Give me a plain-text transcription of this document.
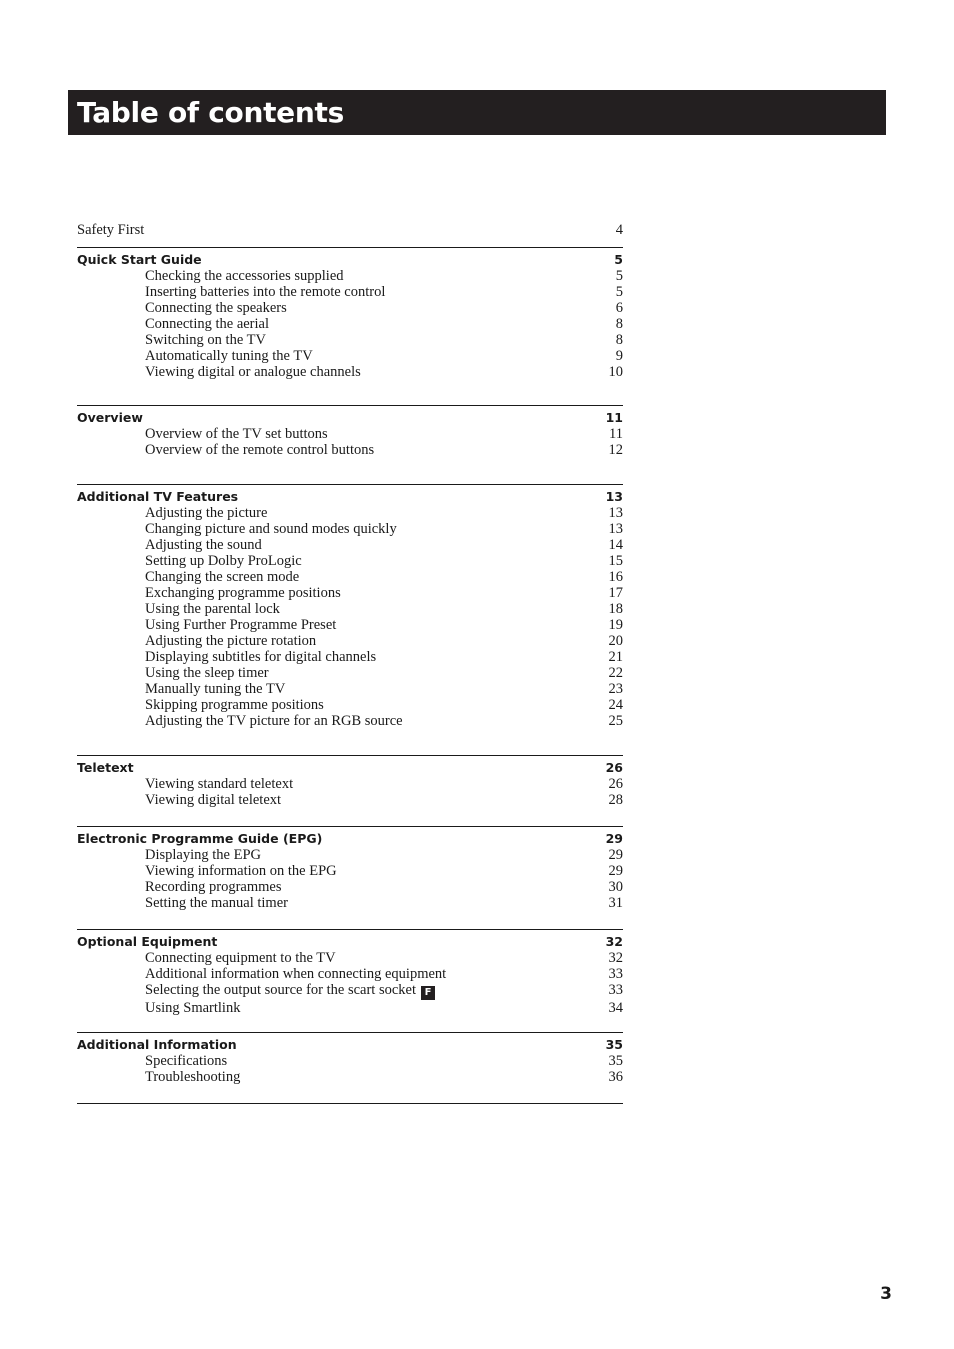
Table of contents
Safety First	4
Quick Start Guide	5
Checking the accessories supplied	5
Inserting batteries into the remote control	5
Connecting the speakers	6
Connecting the aerial	8
Switching on the TV	8
Automatically tuning the TV	9
Viewing digital or analogue channels	10
Overview	11
Overview of the TV set buttons	11
Overview of the remote control buttons	12
Additional TV Features	13
Adjusting the picture	13
Changing picture and sound modes quickly	13
Adjusting the sound	14
Setting up Dolby ProLogic	15
Changing the screen mode	16
Exchanging programme positions	17
Using the parental lock	18
Using Further Programme Preset	19
Adjusting the picture rotation	20
Displaying subtitles for digital channels	21
Using the sleep timer	22
Manually tuning the TV	23
Skipping programme positions	24
Adjusting the TV picture for an RGB source	25
Teletext	26
Viewing standard teletext	26
Viewing digital teletext	28
Electronic Programme Guide (EPG)	29
Displaying the EPG	29
Viewing information on the EPG	29
Recording programmes	30
Setting the manual timer	31
Optional Equipment	32
Connecting equipment to the TV	32
Additional information when connecting equipment	33
Selecting the output source for the scart socket F	33
Using Smartlink	34
Additional Information	35
Specifications	35
Troubleshooting	36
3
